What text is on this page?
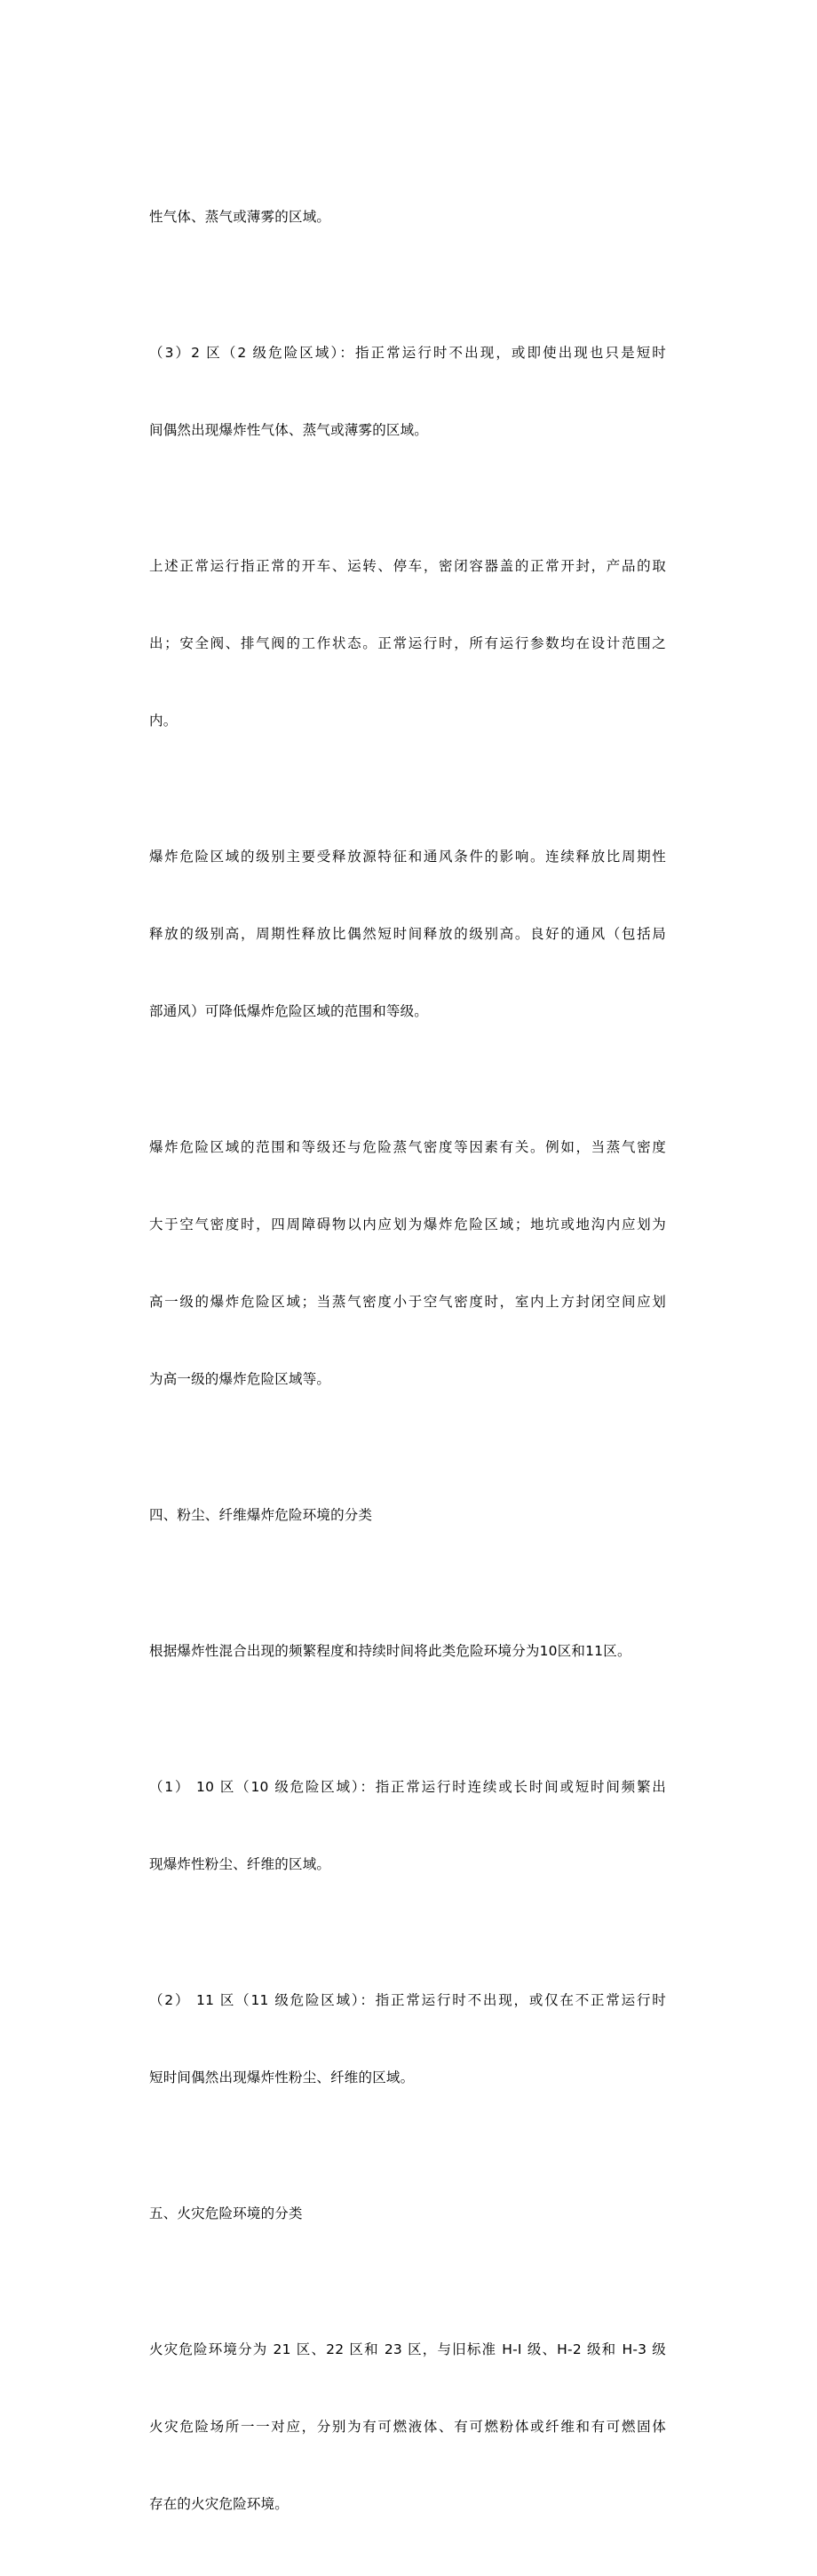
性气体、蒸气或薄雾的区域。

（3）2 区（2 级危险区域）：指正常运行时不出现，或即使出现也只是短时

间偶然出现爆炸性气体、蒸气或薄雾的区域。

上述正常运行指正常的开车、运转、停车，密闭容器盖的正常开封，产品的取

出；安全阀、排气阀的工作状态。正常运行时，所有运行参数均在设计范围之

内。

爆炸危险区域的级别主要受释放源特征和通风条件的影响。连续释放比周期性

释放的级别高，周期性释放比偶然短时间释放的级别高。良好的通风（包括局

部通风）可降低爆炸危险区域的范围和等级。

爆炸危险区域的范围和等级还与危险蒸气密度等因素有关。例如，当蒸气密度

大于空气密度时，四周障碍物以内应划为爆炸危险区域；地坑或地沟内应划为

高一级的爆炸危险区域；当蒸气密度小于空气密度时，室内上方封闭空间应划

为高一级的爆炸危险区域等。

四、粉尘、纤维爆炸危险环境的分类

根据爆炸性混合出现的频繁程度和持续时间将此类危险环境分为10区和11区。

（1） 10 区（10 级危险区域）：指正常运行时连续或长时间或短时间频繁出

现爆炸性粉尘、纤维的区域。

（2） 11 区（11 级危险区域）：指正常运行时不出现，或仅在不正常运行时

短时间偶然出现爆炸性粉尘、纤维的区域。

五、火灾危险环境的分类

火灾危险环境分为 21 区、22 区和 23 区，与旧标准 H-I 级、H-2 级和 H-3 级

火灾危险场所一一对应，分别为有可燃液体、有可燃粉体或纤维和有可燃固体

存在的火灾危险环境。
